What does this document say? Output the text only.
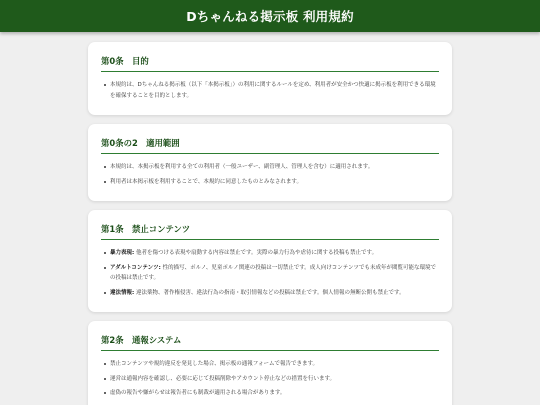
Dちゃんねる掲示板 利用規約
第0条　目的
本規約は、Dちゃんねる掲示板（以下「本掲示板」）の利用に関するルールを定め、利用者が安全かつ快適に掲示板を利用できる環境を確保することを目的とします。
第0条の2　適用範囲
本規約は、本掲示板を利用する全ての利用者（一般ユーザー、副管理人、管理人を含む）に適用されます。
利用者は本掲示板を利用することで、本規約に同意したものとみなされます。
第1条　禁止コンテンツ
暴力表現: 他者を傷つける表現や扇動する内容は禁止です。実際の暴力行為や虐待に関する投稿も禁止です。
アダルトコンテンツ: 性的描写、ポルノ、児童ポルノ関連の投稿は一切禁止です。成人向けコンテンツでも未成年が閲覧可能な環境での投稿は禁止です。
違法情報: 違法薬物、著作権侵害、違法行為の指南・取引情報などの投稿は禁止です。個人情報の無断公開も禁止です。
第2条　通報システム
禁止コンテンツや規約違反を発見した場合、掲示板の通報フォームで報告できます。
運営は通報内容を確認し、必要に応じて投稿削除やアカウント停止などの措置を行います。
虚偽の報告や嫌がらせは報告者にも制裁が適用される場合があります。
